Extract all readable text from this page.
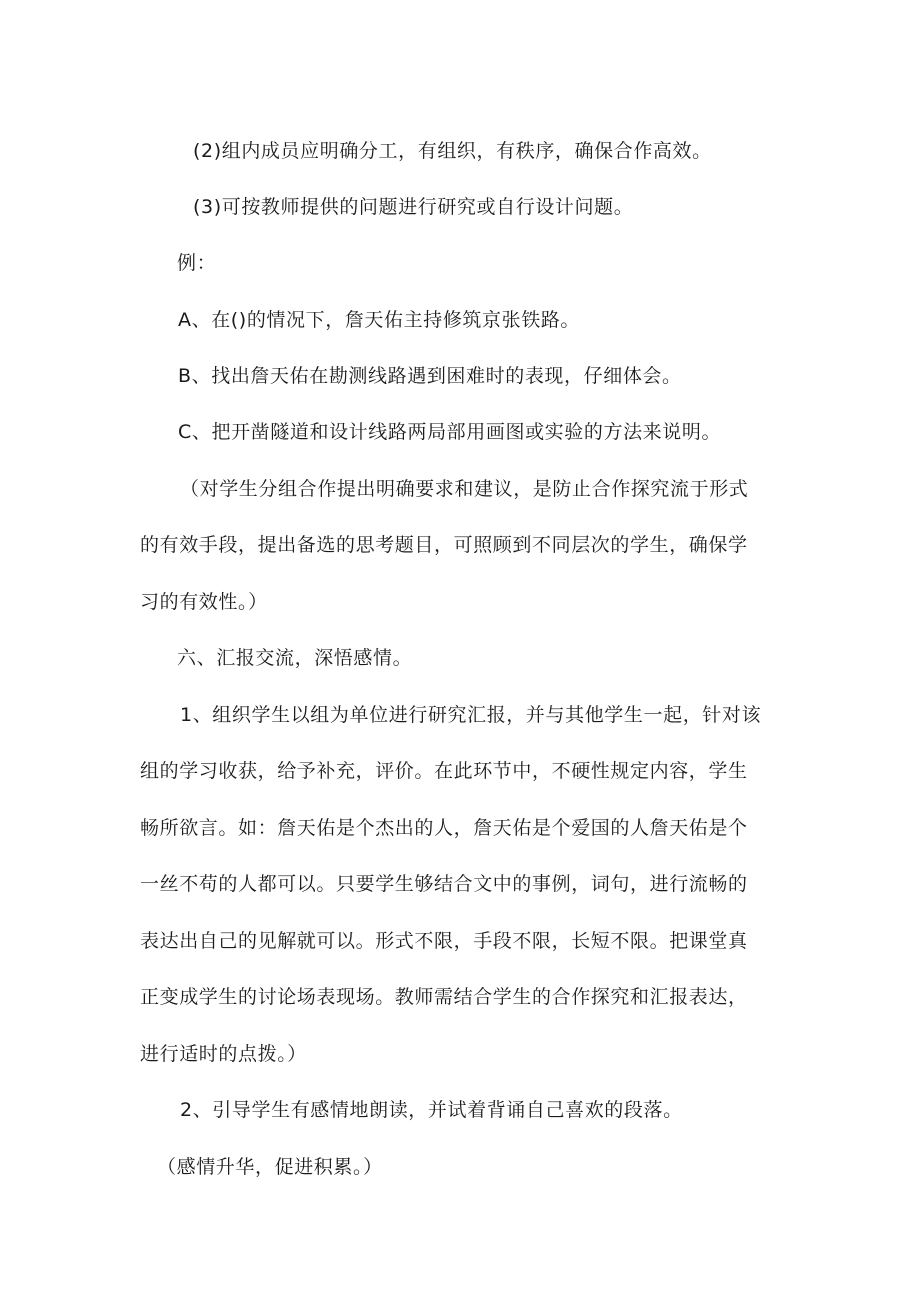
(2)组内成员应明确分工，有组织，有秩序，确保合作高效。
(3)可按教师提供的问题进行研究或自行设计问题。
例：
A、在()的情况下，詹天佑主持修筑京张铁路。
B、找出詹天佑在勘测线路遇到困难时的表现，仔细体会。
C、把开凿隧道和设计线路两局部用画图或实验的方法来说明。
（对学生分组合作提出明确要求和建议，是防止合作探究流于形式
的有效手段，提出备选的思考题目，可照顾到不同层次的学生，确保学
习的有效性。）
六、汇报交流，深悟感情。
1、组织学生以组为单位进行研究汇报，并与其他学生一起，针对该
组的学习收获，给予补充，评价。在此环节中，不硬性规定内容，学生
畅所欲言。如：詹天佑是个杰出的人，詹天佑是个爱国的人詹天佑是个
一丝不苟的人都可以。只要学生够结合文中的事例，词句，进行流畅的
表达出自己的见解就可以。形式不限，手段不限，长短不限。把课堂真
正变成学生的讨论场表现场。教师需结合学生的合作探究和汇报表达，
进行适时的点拨。）
2、引导学生有感情地朗读，并试着背诵自己喜欢的段落。
（感情升华，促进积累。）
